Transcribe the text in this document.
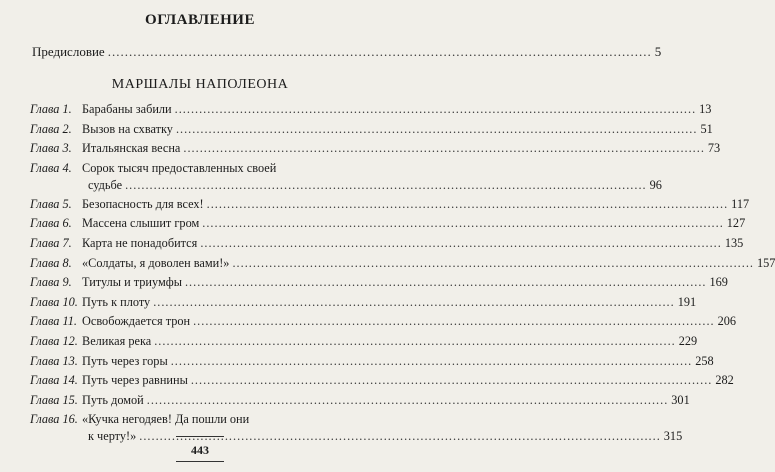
ОГЛАВЛЕНИЕ
Предисловие .....	5
МАРШАЛЫ НАПОЛЕОНА
Глава 1. Барабаны забили .....	13
Глава 2. Вызов на схватку .....	51
Глава 3. Итальянская весна .....	73
Глава 4. Сорок тысяч предоставленных своей
судьбе .....	96
Глава 5. Безопасность для всех! .....	117
Глава 6. Массена слышит гром .....	127
Глава 7. Карта не понадобится .....	135
Глава 8. «Солдаты, я доволен вами!» .....	157
Глава 9. Титулы и триумфы .....	169
Глава 10. Путь к плоту .....	191
Глава 11. Освобождается трон .....	206
Глава 12. Великая река .....	229
Глава 13. Путь через горы .....	258
Глава 14. Путь через равнины .....	282
Глава 15. Путь домой .....	301
Глава 16. «Кучка негодяев! Да пошли они
к черту!» .....	315
443
